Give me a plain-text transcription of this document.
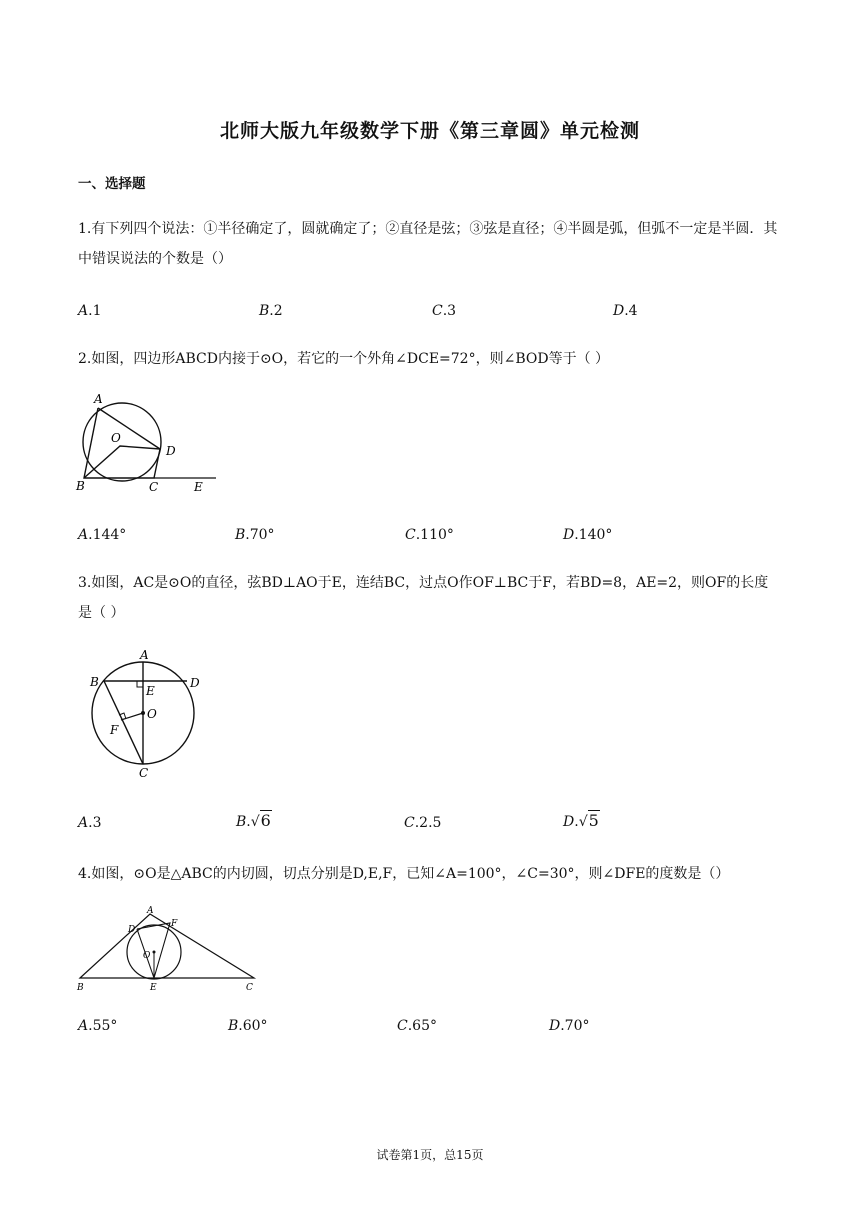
北师大版九年级数学下册《第三章圆》单元检测
一、选择题
1.有下列四个说法：①半径确定了，圆就确定了；②直径是弦；③弦是直径；④半圆是弧，但弧不一定是半圆．其中错误说法的个数是（）
A.1	B.2	C.3	D.4
2.如图，四边形ABCD内接于⊙O，若它的一个外角∠DCE=72°，则∠BOD等于（ ）
A
O
D
B	C	E
A.144°	B.70°	C.110°	D.140°
3.如图，AC是⊙O的直径，弦BD⊥AO于E，连结BC，过点O作OF⊥BC于F，若BD=8，AE=2，则OF的长度是（ ）
A
B	D
E
O
F
C
A.3	B.√6	C.2.5	D.√5
4.如图，⊙O是△ABC的内切圆，切点分别是D,E,F，已知∠A=100°，∠C=30°，则∠DFE的度数是（）
A
F
D
O
B	E	C
A.55°	B.60°	C.65°	D.70°
试卷第1页，总15页
